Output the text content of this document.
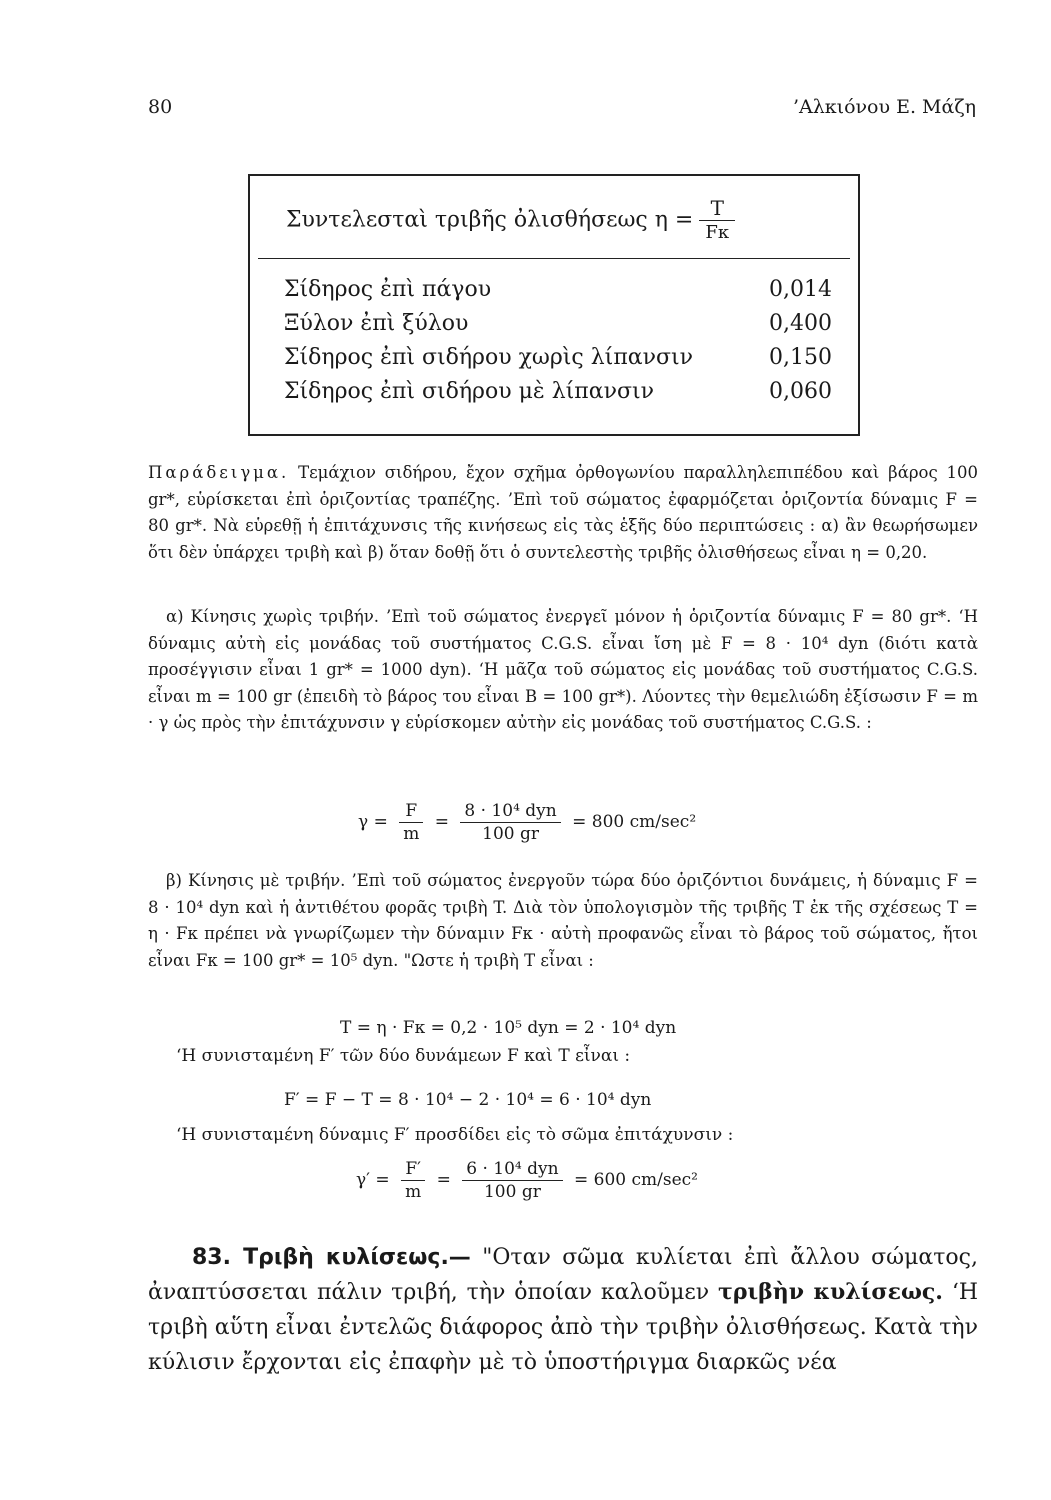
80	’Αλκιόνου Ε. Μάζη
Συντελεσταὶ τριβῆς ὀλισθήσεως $\eta = \frac{T}{F\kappa}$
Σίδηρος ἐπὶ πάγου	0,014
Ξύλον ἐπὶ ξύλου	0,400
Σίδηρος ἐπὶ σιδήρου χωρὶς λίπανσιν	0,150
Σίδηρος ἐπὶ σιδήρου μὲ λίπανσιν	0,060

Παράδειγμα. Τεμάχιον σιδήρου, ἔχον σχῆμα ὀρθογωνίου παραλληλεπιπέδου καὶ βάρος 100 gr*, εὑρίσκεται ἐπὶ ὁριζοντίας τραπέζης. ’Επὶ τοῦ σώματος ἐφαρμόζεται ὁριζοντία δύναμις F = 80 gr*. Νὰ εὑρεθῇ ἡ ἐπιτάχυνσις τῆς κινήσεως εἰς τὰς ἑξῆς δύο περιπτώσεις : α) ἂν θεωρήσωμεν ὅτι δὲν ὑπάρχει τριβὴ καὶ β) ὅταν δοθῇ ὅτι ὁ συντελεστὴς τριβῆς ὀλισθήσεως εἶναι η = 0,20.

α) Κίνησις χωρὶς τριβήν. ’Επὶ τοῦ σώματος ἐνεργεῖ μόνον ἡ ὁριζοντία δύναμις F = 80 gr*. ‘Η δύναμις αὐτὴ εἰς μονάδας τοῦ συστήματος C.G.S. εἶναι ἴση μὲ F = 8 · 10⁴ dyn (διότι κατὰ προσέγγισιν εἶναι 1 gr* = 1000 dyn). ‘Η μᾶζα τοῦ σώματος εἰς μονάδας τοῦ συστήματος C.G.S. εἶναι m = 100 gr (ἐπειδὴ τὸ βάρος του εἶναι B = 100 gr*). Λύοντες τὴν θεμελιώδη ἐξίσωσιν F = m · γ ὡς πρὸς τὴν ἐπιτάχυνσιν γ εὑρίσκομεν αὐτὴν εἰς μονάδας τοῦ συστήματος C.G.S. :

$\gamma = \frac{F}{m}$ =
8 · 10⁴ dyn
100 gr
= 800 cm/sec²

β) Κίνησις μὲ τριβήν. ’Επὶ τοῦ σώματος ἐνεργοῦν τώρα δύο ὁριζόντιοι δυνάμεις, ἡ δύναμις F = 8 · 10⁴ dyn καὶ ἡ ἀντιθέτου φορᾶς τριβὴ T. Διὰ τὸν ὑπολογισμὸν τῆς τριβῆς T ἐκ τῆς σχέσεως T = η · Fκ πρέπει νὰ γνωρίζωμεν τὴν δύναμιν Fκ · αὐτὴ προφανῶς εἶναι τὸ βάρος τοῦ σώματος, ἤτοι εἶναι Fκ = 100 gr* = 10⁵ dyn. "Ωστε ἡ τριβὴ T εἶναι :

T = η · Fκ = 0,2 · 10⁵ dyn = 2 · 10⁴ dyn
‘Η συνισταμένη F′ τῶν δύο δυνάμεων F καὶ T εἶναι :
F′ = F − T = 8 · 10⁴ − 2 · 10⁴ = 6 · 10⁴ dyn
‘Η συνισταμένη δύναμις F′ προσδίδει εἰς τὸ σῶμα ἐπιτάχυνσιν :
$\gamma' = \frac{F'}{m}$ =
6 · 10⁴ dyn
100 gr
= 600 cm/sec²

83. Τριβὴ κυλίσεως.— "Οταν σῶμα κυλίεται ἐπὶ ἄλλου σώματος, ἀναπτύσσεται πάλιν τριβή, τὴν ὁποίαν καλοῦμεν τριβὴν κυλίσεως. ‘Η τριβὴ αὕτη εἶναι ἐντελῶς διάφορος ἀπὸ τὴν τριβὴν ὀλισθήσεως. Κατὰ τὴν κύλισιν ἔρχονται εἰς ἐπαφὴν μὲ τὸ ὑποστήριγμα διαρκῶς νέα
